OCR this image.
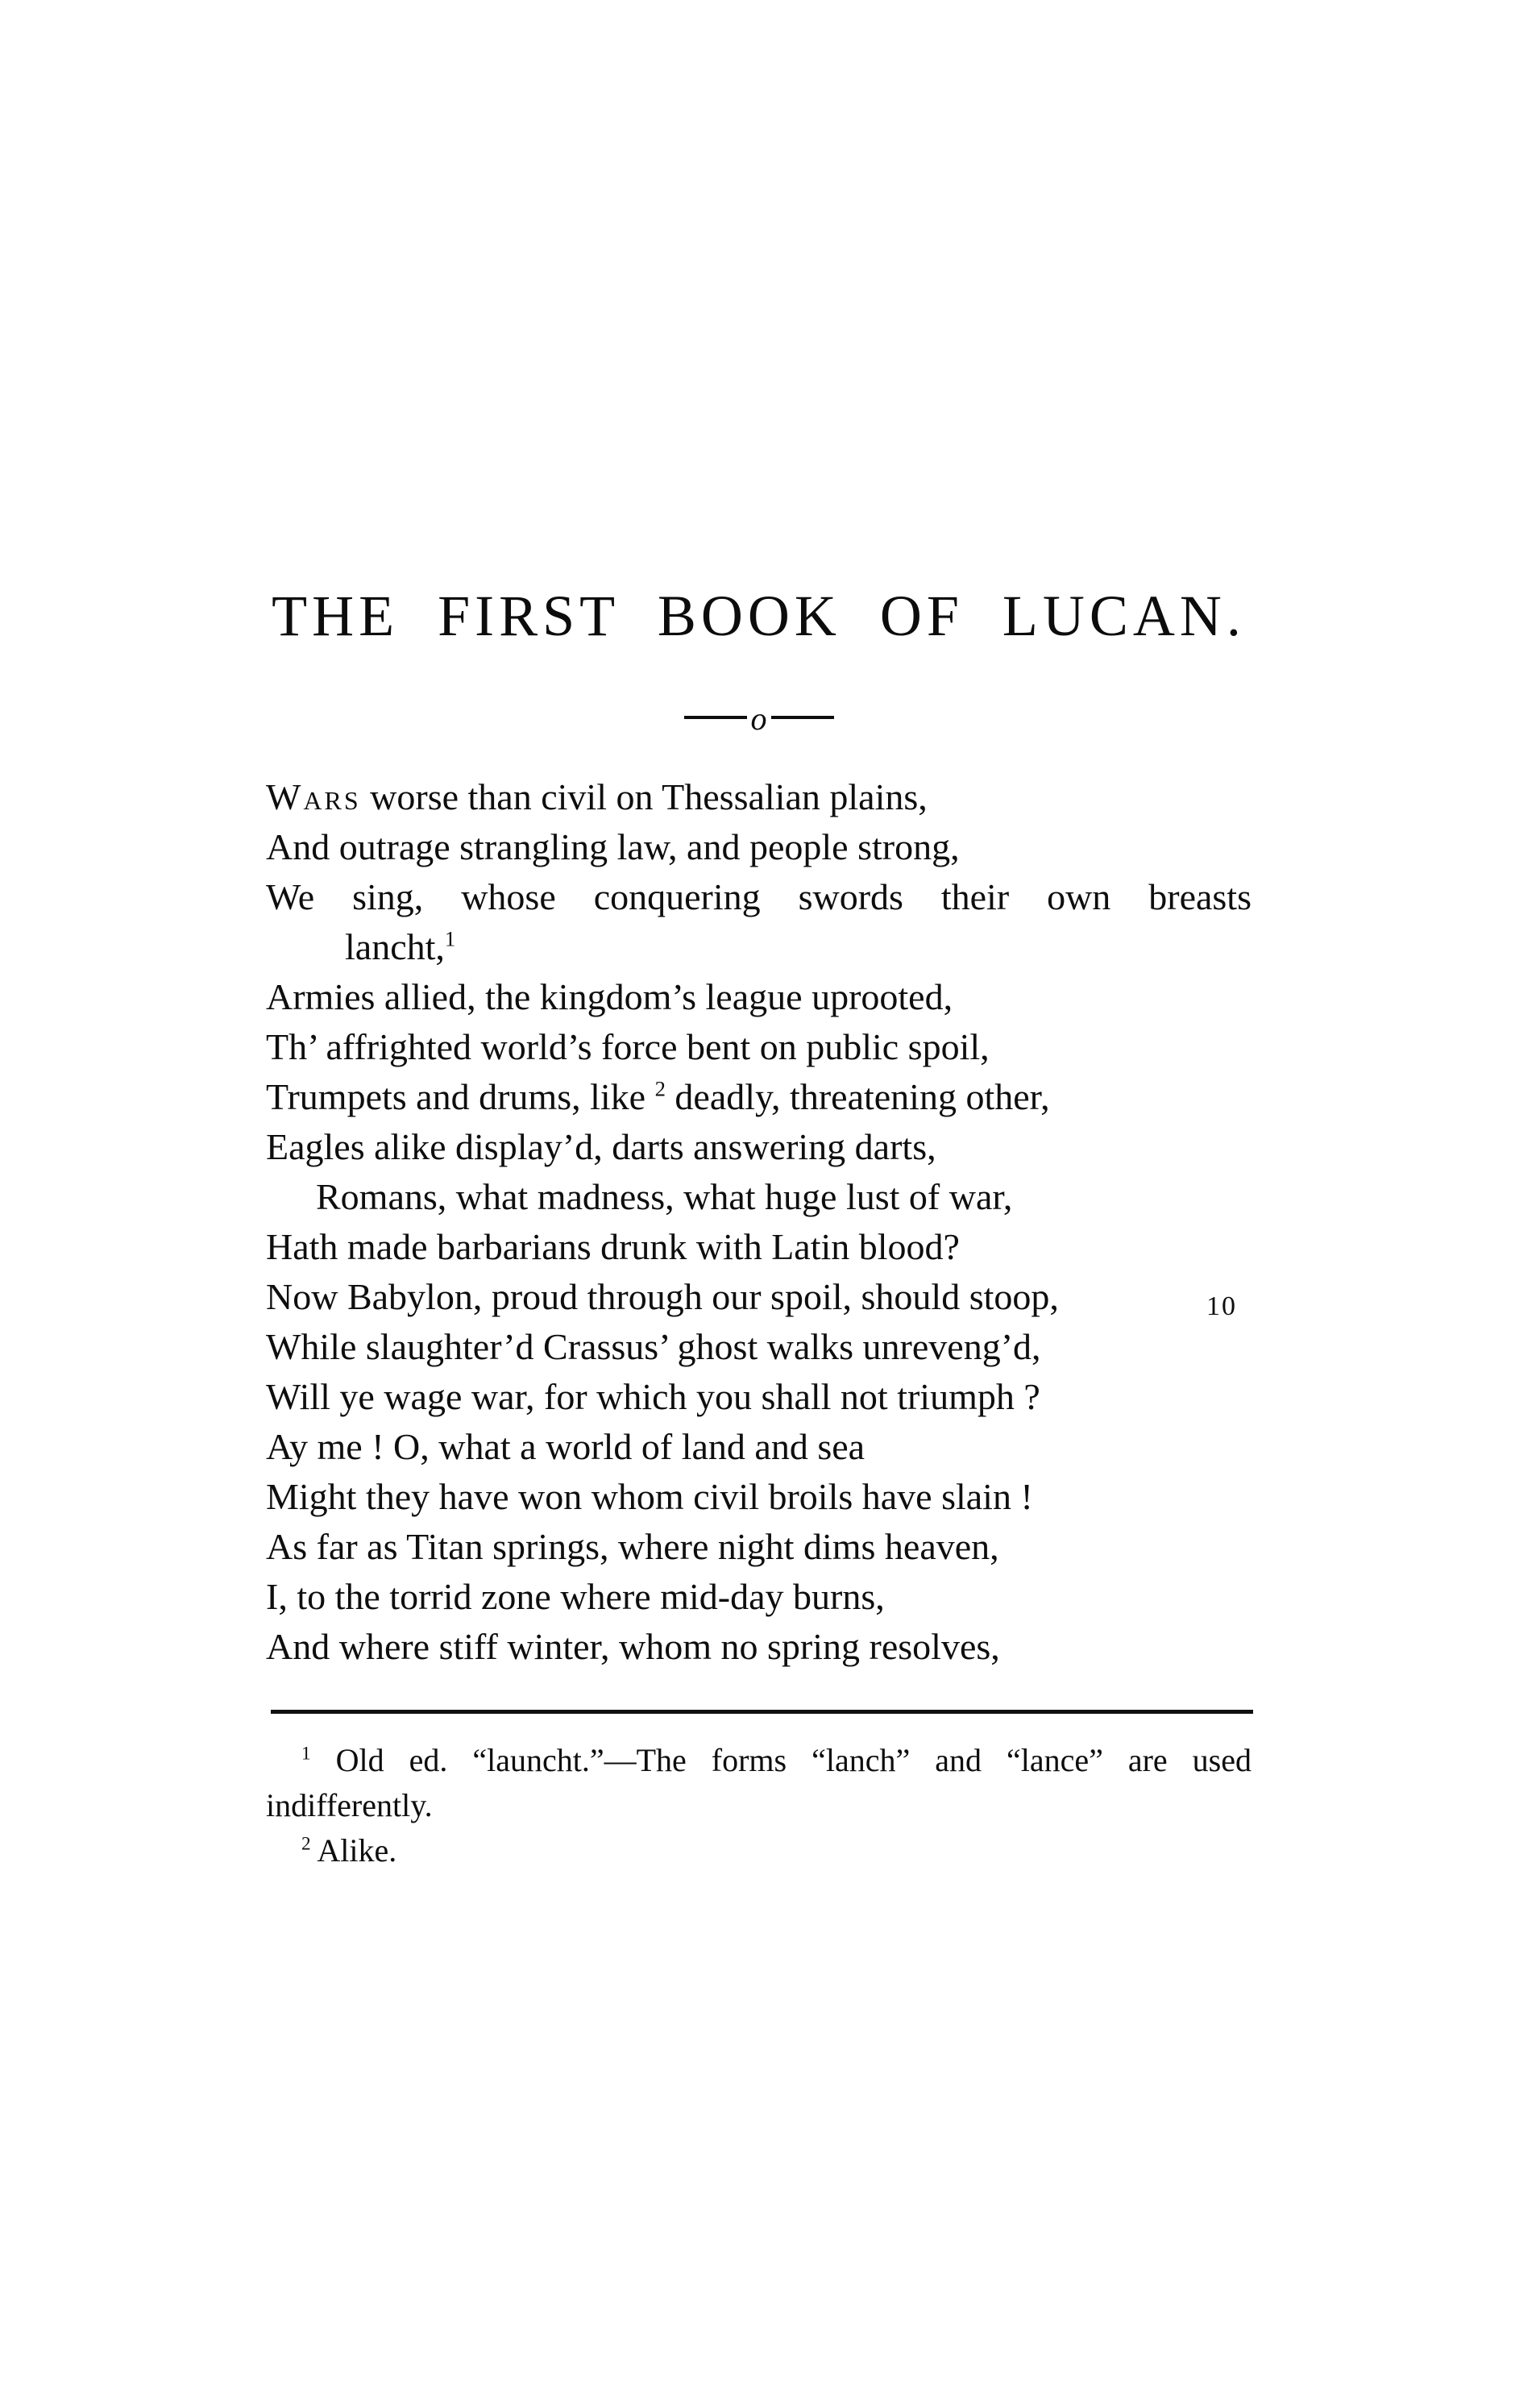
THE FIRST BOOK OF LUCAN.
o
Wars worse than civil on Thessalian plains,
And outrage strangling law, and people strong,
We sing, whose conquering swords their own breasts
lancht,$^1$
Armies allied, the kingdom’s league uprooted,
Th’ affrighted world’s force bent on public spoil,
Trumpets and drums, like $^2$ deadly, threatening other,
Eagles alike display’d, darts answering darts,
Romans, what madness, what huge lust of war,
Hath made barbarians drunk with Latin blood?
Now Babylon, proud through our spoil, should stoop,	10
While slaughter’d Crassus’ ghost walks unreveng’d,
Will ye wage war, for which you shall not triumph ?
Ay me ! O, what a world of land and sea
Might they have won whom civil broils have slain !
As far as Titan springs, where night dims heaven,
I, to the torrid zone where mid-day burns,
And where stiff winter, whom no spring resolves,
$^1$ Old ed. “launcht.”—The forms “lanch” and “lance” are used
indifferently.
$^2$ Alike.
